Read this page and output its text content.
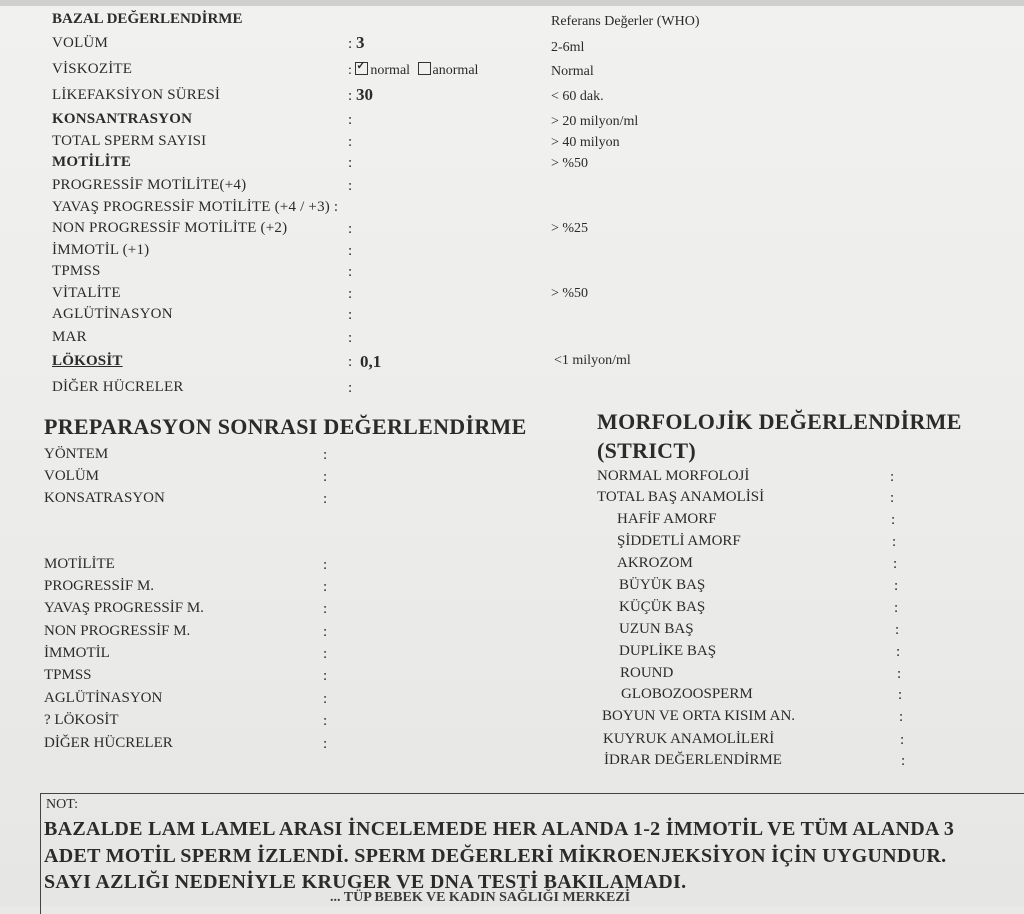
BAZAL DEĞERLENDİRME	Referans Değerler (WHO)
VOLÜM	: 3	2-6ml
VİSKOZİTE	: ✓ normal anormal	Normal
LİKEFAKSİYON SÜRESİ	: 30	< 60 dak.
KONSANTRASYON	:	> 20 milyon/ml
TOTAL SPERM SAYISI	:	> 40 milyon
MOTİLİTE	:	> %50
PROGRESSİF MOTİLİTE(+4)	:
YAVAŞ PROGRESSİF MOTİLİTE (+4 / +3) :
NON PROGRESSİF MOTİLİTE (+2)	:	> %25
İMMOTİL (+1)	:
TPMSS	:
VİTALİTE	:	> %50
AGLÜTİNASYON	:
MAR	:
LÖKOSİT	: 0,1	<1 milyon/ml
DİĞER HÜCRELER	:
PREPARASYON SONRASI DEĞERLENDİRME
YÖNTEM	:
VOLÜM	:
KONSATRASYON	:
MOTİLİTE	:
PROGRESSİF M.	:
YAVAŞ PROGRESSİF M.	:
NON PROGRESSİF M.	:
İMMOTİL	:
TPMSS	:
AGLÜTİNASYON	:
? LÖKOSİT	:
DİĞER HÜCRELER	:
MORFOLOJİK DEĞERLENDİRME
(STRICT)
NORMAL MORFOLOJİ	:
TOTAL BAŞ ANAMOLİSİ	:
HAFİF AMORF	:
ŞİDDETLİ AMORF	:
AKROZOM	:
BÜYÜK BAŞ	:
KÜÇÜK BAŞ	:
UZUN BAŞ	:
DUPLİKE BAŞ	:
ROUND	:
GLOBOZOOSPERM	:
BOYUN VE ORTA KISIM AN.	:
KUYRUK ANAMOLİLERİ	:
İDRAR DEĞERLENDİRME	:
NOT:
BAZALDE LAM LAMEL ARASI İNCELEMEDE HER ALANDA 1-2 İMMOTİL VE TÜM ALANDA 3
ADET MOTİL SPERM İZLENDİ. SPERM DEĞERLERİ MİKROENJEKSİYON İÇİN UYGUNDUR.
SAYI AZLIĞI NEDENİYLE KRUGER VE DNA TESTİ BAKILAMADI.
... TÜP BEBEK VE KADIN SAĞLIĞI MERKEZİ
